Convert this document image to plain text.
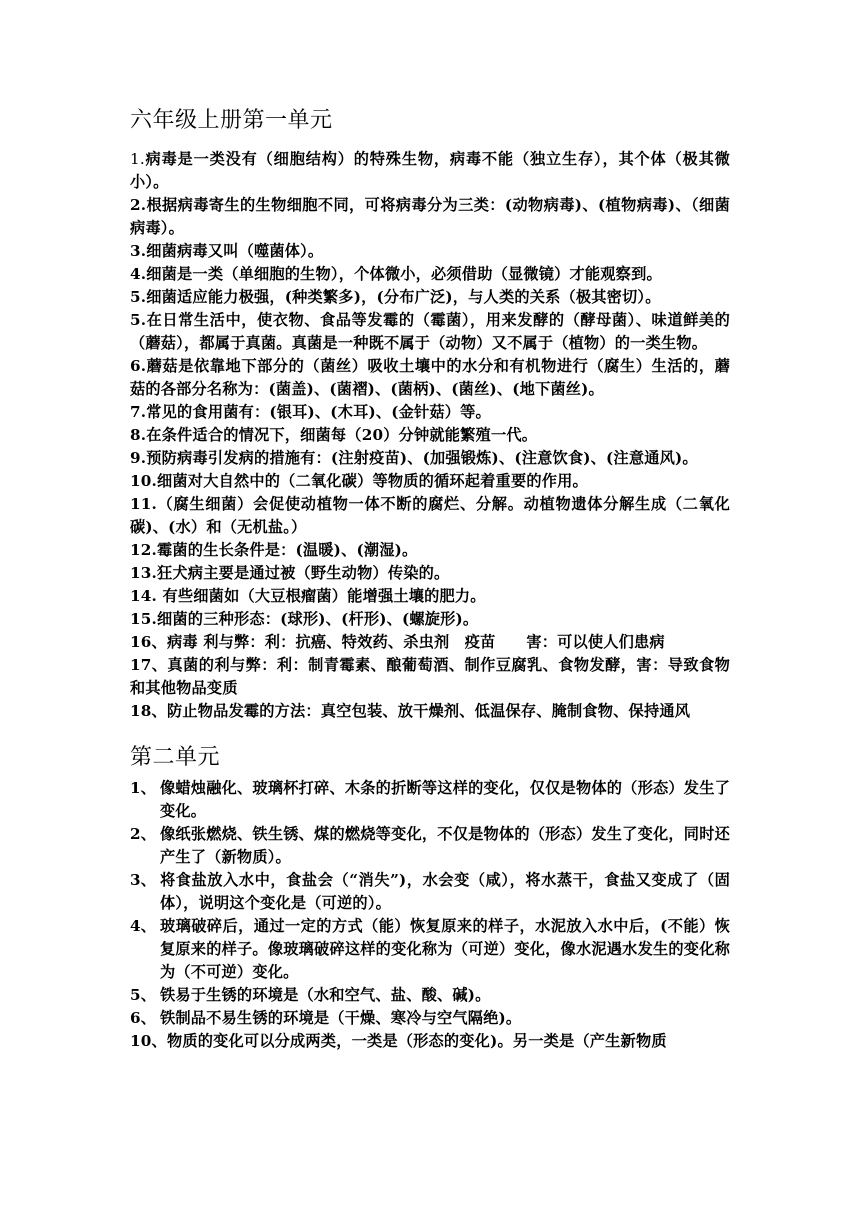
六年级上册第一单元

1.病毒是一类没有（细胞结构）的特殊生物，病毒不能（独立生存），其个体（极其微小）。

2.根据病毒寄生的生物细胞不同，可将病毒分为三类：(动物病毒)、(植物病毒)、（细菌病毒）。

3.细菌病毒又叫（噬菌体）。

4.细菌是一类（单细胞的生物），个体微小，必须借助（显微镜）才能观察到。

5.细菌适应能力极强，(种类繁多)，(分布广泛)，与人类的关系（极其密切）。

5.在日常生活中，使衣物、食品等发霉的（霉菌），用来发酵的（酵母菌）、味道鲜美的（蘑菇），都属于真菌。真菌是一种既不属于（动物）又不属于（植物）的一类生物。

6.蘑菇是依靠地下部分的（菌丝）吸收土壤中的水分和有机物进行（腐生）生活的，蘑菇的各部分名称为：(菌盖)、(菌褶)、(菌柄)、(菌丝)、(地下菌丝)。

7.常见的食用菌有：(银耳)、(木耳)、(金针菇）等。

8.在条件适合的情况下，细菌每（20）分钟就能繁殖一代。

9.预防病毒引发病的措施有：(注射疫苗)、(加强锻炼)、(注意饮食)、(注意通风)。

10.细菌对大自然中的（二氧化碳）等物质的循环起着重要的作用。

11.（腐生细菌）会促使动植物一体不断的腐烂、分解。动植物遗体分解生成（二氧化碳)、(水）和（无机盐。）

12.霉菌的生长条件是：(温暖)、(潮湿)。

13.狂犬病主要是通过被（野生动物）传染的。

14. 有些细菌如（大豆根瘤菌）能增强土壤的肥力。

15.细菌的三种形态：(球形)、(杆形)、(螺旋形)。

16、病毒 利与弊：利：抗癌、特效药、杀虫剂　疫苗　　害：可以使人们患病

17、真菌的利与弊：利：制青霉素、酿葡萄酒、制作豆腐乳、食物发酵，害：导致食物和其他物品变质

18、防止物品发霉的方法：真空包装、放干燥剂、低温保存、腌制食物、保持通风

第二单元
1、 像蜡烛融化、玻璃杯打碎、木条的折断等这样的变化，仅仅是物体的（形态）发生了变化。
2、 像纸张燃烧、铁生锈、煤的燃烧等变化，不仅是物体的（形态）发生了变化，同时还产生了（新物质）。
3、 将食盐放入水中，食盐会（“消失”)，水会变（咸），将水蒸干，食盐又变成了（固体），说明这个变化是（可逆的）。
4、 玻璃破碎后，通过一定的方式（能）恢复原来的样子，水泥放入水中后，(不能）恢复原来的样子。像玻璃破碎这样的变化称为（可逆）变化，像水泥遇水发生的变化称为（不可逆）变化。
5、 铁易于生锈的环境是（水和空气、盐、酸、碱)。
6、 铁制品不易生锈的环境是（干燥、寒冷与空气隔绝)。

10、物质的变化可以分成两类，一类是（形态的变化)。另一类是（产生新物质
